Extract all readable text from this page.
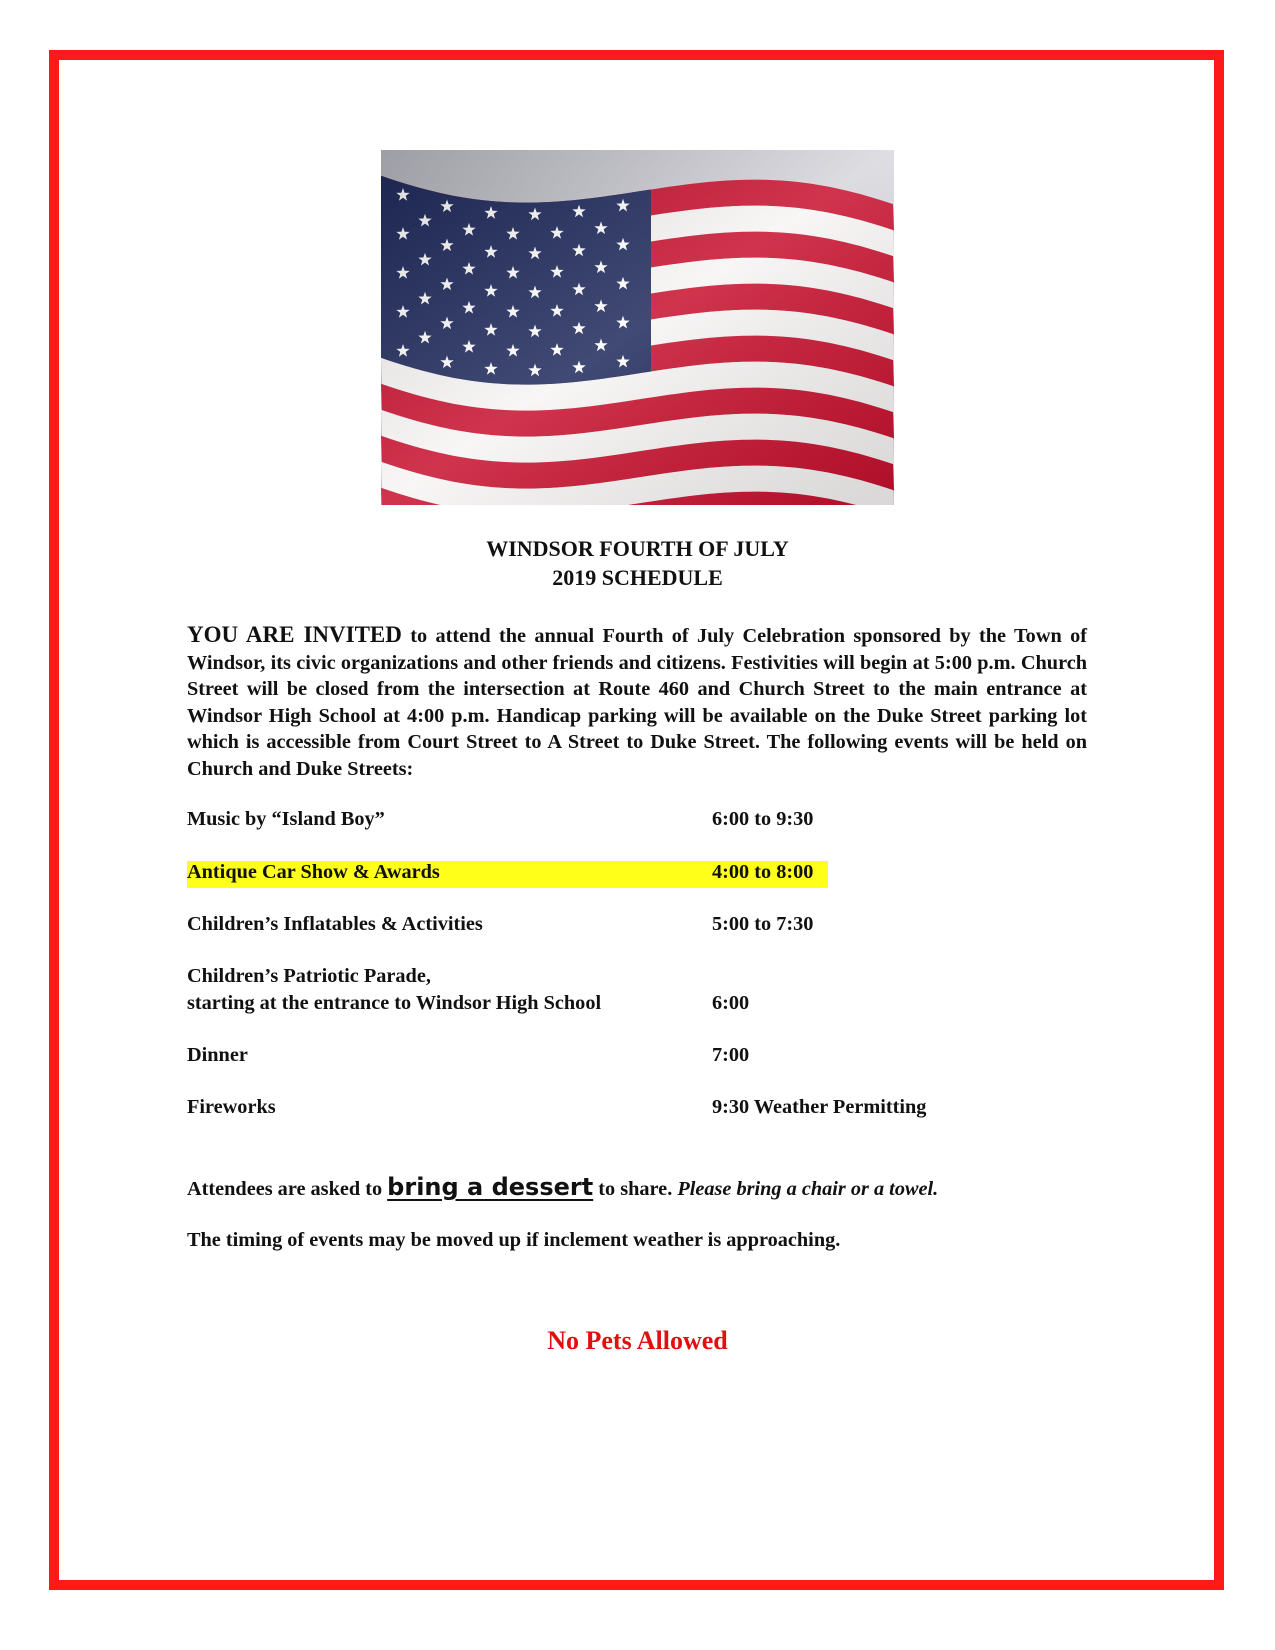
WINDSOR FOURTH OF JULY
2019 SCHEDULE
YOU ARE INVITED to attend the annual Fourth of July Celebration sponsored by the Town of Windsor, its civic organizations and other friends and citizens. Festivities will begin at 5:00 p.m. Church Street will be closed from the intersection at Route 460 and Church Street to the main entrance at Windsor High School at 4:00 p.m. Handicap parking will be available on the Duke Street parking lot which is accessible from Court Street to A Street to Duke Street. The following events will be held on Church and Duke Streets:
Music by “Island Boy”	6:00 to 9:30
Antique Car Show & Awards	4:00 to 8:00
Children’s Inflatables & Activities	5:00 to 7:30
Children’s Patriotic Parade,
starting at the entrance to Windsor High School	6:00
Dinner	7:00
Fireworks	9:30 Weather Permitting
Attendees are asked to bring a dessert to share. Please bring a chair or a towel.
The timing of events may be moved up if inclement weather is approaching.
No Pets Allowed
